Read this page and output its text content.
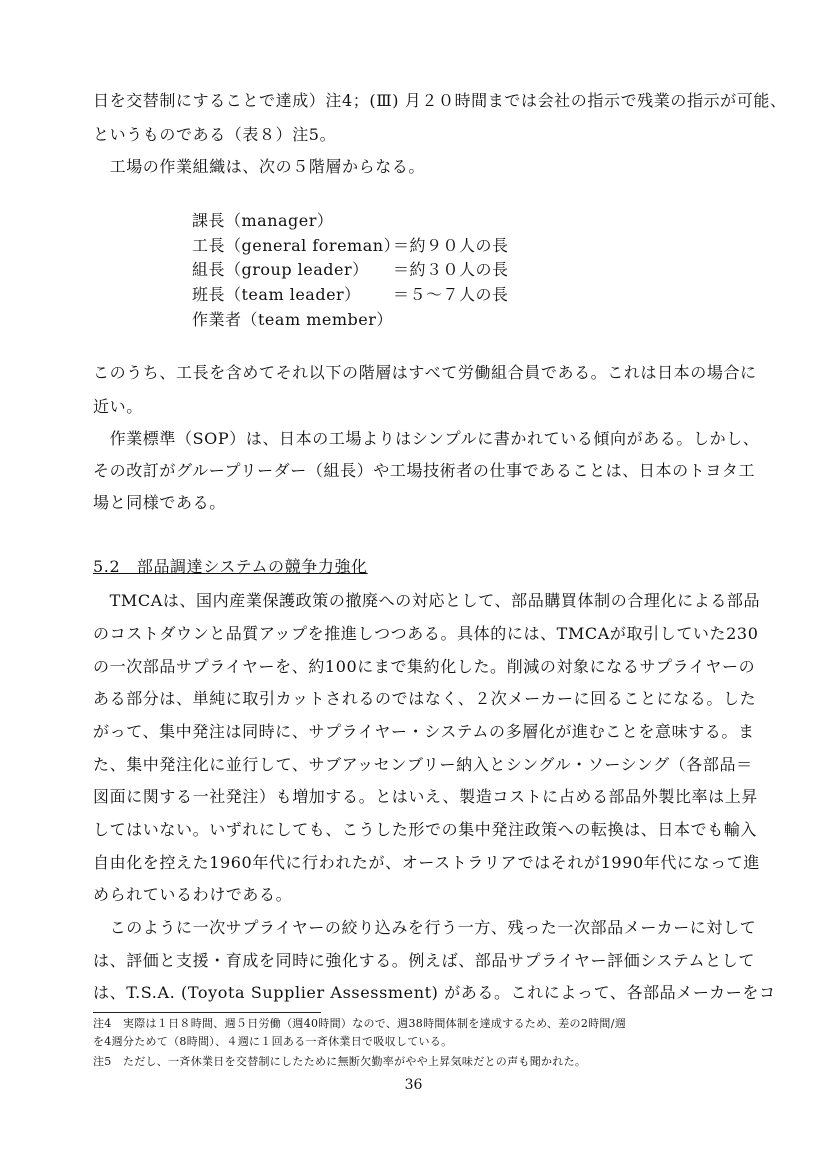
日を交替制にすることで達成）注4；(Ⅲ) 月２０時間までは会社の指示で残業の指示が可能、
というものである（表８）注5。
　工場の作業組織は、次の５階層からなる。
課長（manager）
工長（general foreman）
＝約９０人の長
組長（group leader） ＝約３０人の長
班長（team leader） ＝５～７人の長
作業者（team member）
このうち、工長を含めてそれ以下の階層はすべて労働組合員である。これは日本の場合に
近い。
　作業標準（SOP）は、日本の工場よりはシンプルに書かれている傾向がある。しかし、
その改訂がグループリーダー（組長）や工場技術者の仕事であることは、日本のトヨタ工
場と同様である。
5.2　部品調達システムの競争力強化
　TMCAは、国内産業保護政策の撤廃への対応として、部品購買体制の合理化による部品
のコストダウンと品質アップを推進しつつある。具体的には、TMCAが取引していた230
の一次部品サプライヤーを、約100にまで集約化した。削減の対象になるサプライヤーの
ある部分は、単純に取引カットされるのではなく、２次メーカーに回ることになる。した
がって、集中発注は同時に、サプライヤー・システムの多層化が進むことを意味する。ま
た、集中発注化に並行して、サブアッセンブリー納入とシングル・ソーシング（各部品＝
図面に関する一社発注）も増加する。とはいえ、製造コストに占める部品外製比率は上昇
してはいない。いずれにしても、こうした形での集中発注政策への転換は、日本でも輸入
自由化を控えた1960年代に行われたが、オーストラリアではそれが1990年代になって進
められているわけである。
　このように一次サプライヤーの絞り込みを行う一方、残った一次部品メーカーに対して
は、評価と支援・育成を同時に強化する。例えば、部品サプライヤー評価システムとして
は、T.S.A. (Toyota Supplier Assessment) がある。これによって、各部品メーカーをコ
注4　実際は１日８時間、週５日労働（週40時間）なので、週38時間体制を達成するため、差の2時間/週
を4週分ためて（8時間）、４週に１回ある一斉休業日で吸収している。
注5　ただし、一斉休業日を交替制にしたために無断欠勤率がやや上昇気味だとの声も聞かれた。
36
